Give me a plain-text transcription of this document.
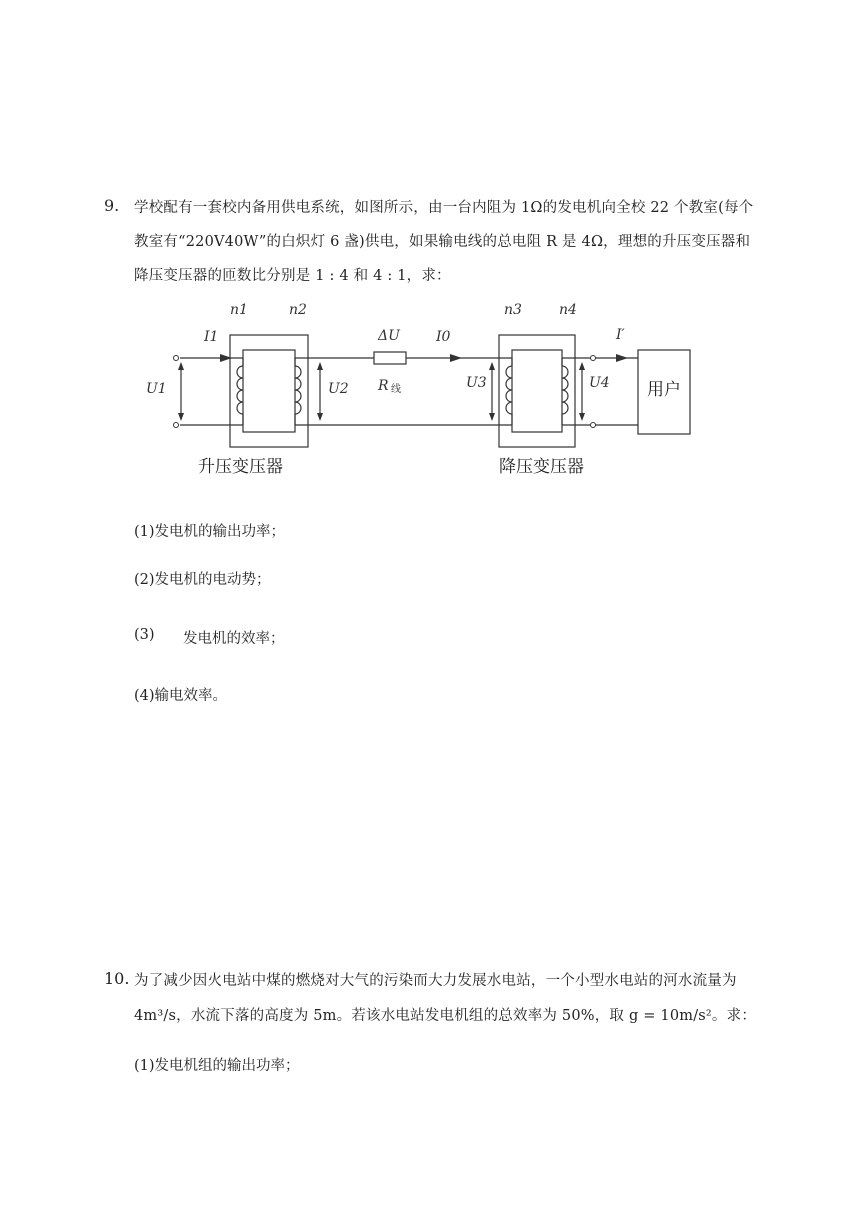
9. 学校配有一套校内备用供电系统，如图所示，由一台内阻为 1Ω的发电机向全校 22 个教室(每个
教室有“220V40W”的白炽灯 6 盏)供电，如果输电线的总电阻 R 是 4Ω，理想的升压变压器和
降压变压器的匝数比分别是 1 : 4 和 4 : 1，求：
n1	n2	n3	n4
I1	I0	I′
ΔU
R 线
U1	U2	U3	U4 用户
升压变压器	降压变压器
(1)发电机的输出功率；
(2)发电机的电动势；
(3) 发电机的效率；
(4)输电效率。
10. 为了减少因火电站中煤的燃烧对大气的污染而大力发展水电站，一个小型水电站的河水流量为
4m³/s，水流下落的高度为 5m。若该水电站发电机组的总效率为 50%，取 g = 10m/s²。求：
(1)发电机组的输出功率；
